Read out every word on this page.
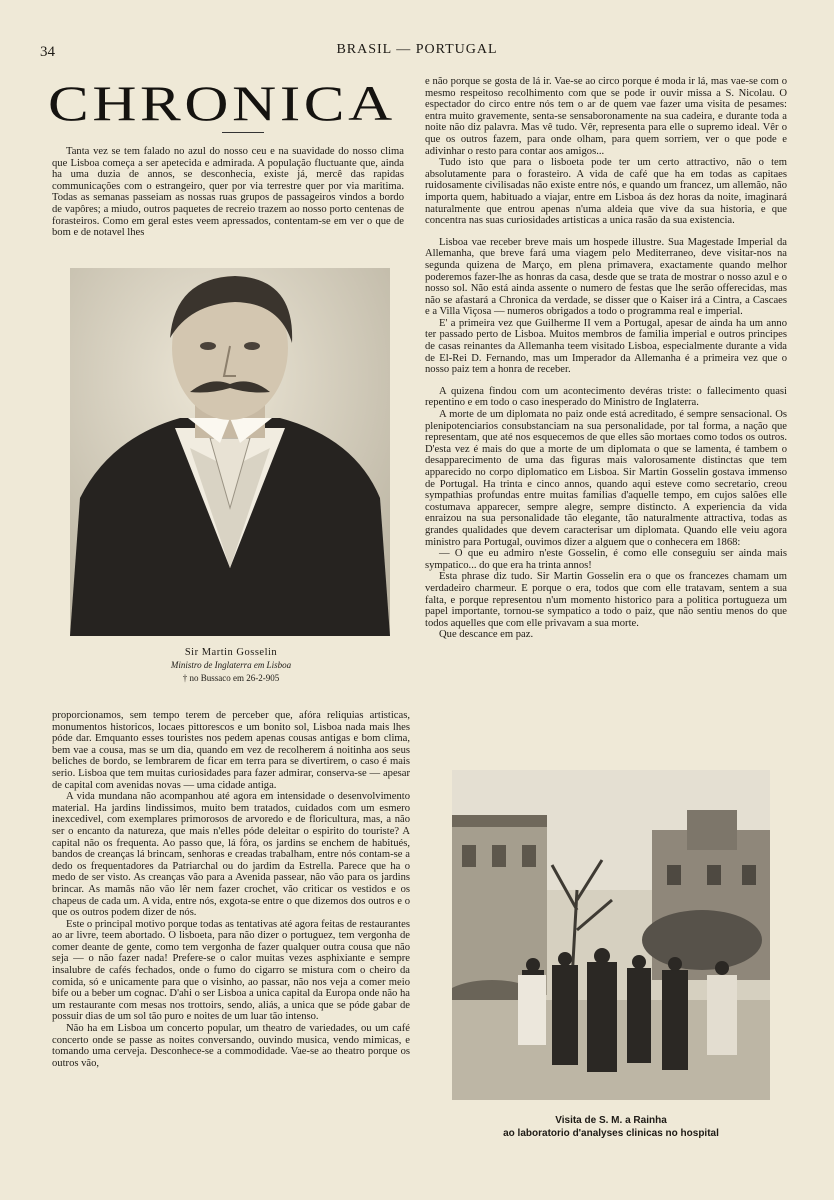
34	BRASIL — PORTUGAL
CHRONICA

Tanta vez se tem falado no azul do nosso ceu e na suavidade do nosso clima que Lisboa começa a ser apetecida e admirada. A população fluctuante que, ainda ha uma duzia de annos, se desconhecia, existe já, mercê das rapidas communicações com o estrangeiro, quer por via terrestre quer por via maritima. Todas as semanas passeiam as nossas ruas grupos de passageiros vindos a bordo de vapôres; a miudo, outros paquetes de recreio trazem ao nosso porto centenas de forasteiros. Como em geral estes veem apressados, contentam-se em ver o que de bom e de notavel lhes

Sir Martin Gosselin
Ministro de Inglaterra em Lisboa
† no Bussaco em 26-2-905

proporcionamos, sem tempo terem de perceber que, afóra reliquias artisticas, monumentos historicos, locaes pittorescos e um bonito sol, Lisboa nada mais lhes póde dar. Emquanto esses touristes nos pedem apenas cousas antigas e bom clima, bem vae a cousa, mas se um dia, quando em vez de recolherem á noitinha aos seus beliches de bordo, se lembrarem de ficar em terra para se divertirem, o caso é mais serio. Lisboa que tem muitas curiosidades para fazer admirar, conserva-se — apesar de capital com avenidas novas — uma cidade antiga.

A vida mundana não acompanhou até agora em intensidade o desenvolvimento material. Ha jardins lindissimos, muito bem tratados, cuidados com um esmero inexcedivel, com exemplares primorosos de arvoredo e de floricultura, mas, a não ser o encanto da natureza, que mais n'elles póde deleitar o espirito do touriste? A capital não os frequenta. Ao passo que, lá fóra, os jardins se enchem de habitués, bandos de creanças lá brincam, senhoras e creadas trabalham, entre nós contam-se a dedo os frequentadores da Patriarchal ou do jardim da Estrella. Parece que ha o medo de ser visto. As creanças vão para a Avenida passear, não vão para os jardins brincar. As mamãs não vão lêr nem fazer crochet, vão criticar os vestidos e os chapeus de cada um. A vida, entre nós, exgota-se entre o que dizemos dos outros e o que os outros podem dizer de nós.

Este o principal motivo porque todas as tentativas até agora feitas de restaurantes ao ar livre, teem abortado. O lisboeta, para não dizer o portuguez, tem vergonha de comer deante de gente, como tem vergonha de fazer qualquer outra cousa que não seja — o não fazer nada! Prefere-se o calor muitas vezes asphixiante e sempre insalubre de cafés fechados, onde o fumo do cigarro se mistura com o cheiro da comida, só e unicamente para que o visinho, ao passar, não nos veja a comer meio bife ou a beber um cognac. D'ahi o ser Lisboa a unica capital da Europa onde não ha um restaurante com mesas nos trottoirs, sendo, aliás, a unica que se póde gabar de possuir dias de um sol tão puro e noites de um luar tão intenso.

Não ha em Lisboa um concerto popular, um theatro de variedades, ou um café concerto onde se passe as noites conversando, ouvindo musica, vendo mimicas, e tomando uma cerveja. Desconhece-se a commodidade. Vae-se ao theatro porque os outros vão,

e não porque se gosta de lá ir. Vae-se ao circo porque é moda ir lá, mas vae-se com o mesmo respeitoso recolhimento com que se pode ir ouvir missa a S. Nicolau. O espectador do circo entre nós tem o ar de quem vae fazer uma visita de pesames: entra muito gravemente, senta-se sensaboronamente na sua cadeira, e durante toda a noite não diz palavra. Mas vê tudo. Vêr, representa para elle o supremo ideal. Vêr o que os outros fazem, para onde olham, para quem sorriem, ver o que pode e adivinhar o resto para contar aos amigos...

Tudo isto que para o lisboeta pode ter um certo attractivo, não o tem absolutamente para o forasteiro. A vida de café que ha em todas as capitaes ruidosamente civilisadas não existe entre nós, e quando um francez, um allemão, não importa quem, habituado a viajar, entre em Lisboa ás dez horas da noite, imaginará naturalmente que entrou apenas n'uma aldeia que vive da sua historia, e que concentra nas suas curiosidades artisticas a unica rasão da sua existencia.

Lisboa vae receber breve mais um hospede illustre. Sua Magestade Imperial da Allemanha, que breve fará uma viagem pelo Mediterraneo, deve visitar-nos na segunda quizena de Março, em plena primavera, exactamente quando melhor poderemos fazer-lhe as honras da casa, desde que se trata de mostrar o nosso azul e o nosso sol. Não está ainda assente o numero de festas que lhe serão offerecidas, mas não se afastará a Chronica da verdade, se disser que o Kaiser irá a Cintra, a Cascaes e a Villa Viçosa — numeros obrigados a todo o programma real e imperial.

E' a primeira vez que Guilherme II vem a Portugal, apesar de ainda ha um anno ter passado perto de Lisboa. Muitos membros de familia imperial e outros principes de casas reinantes da Allemanha teem visitado Lisboa, especialmente durante a vida de El-Rei D. Fernando, mas um Imperador da Allemanha é a primeira vez que o nosso paiz tem a honra de receber.

A quizena findou com um acontecimento devéras triste: o fallecimento quasi repentino e em todo o caso inesperado do Ministro de Inglaterra.

A morte de um diplomata no paiz onde está acreditado, é sempre sensacional. Os plenipotenciarios consubstanciam na sua personalidade, por tal forma, a nação que representam, que até nos esquecemos de que elles são mortaes como todos os outros. D'esta vez é mais do que a morte de um diplomata o que se lamenta, é tambem o desapparecimento de uma das figuras mais valorosamente distinctas que tem apparecido no corpo diplomatico em Lisboa. Sir Martin Gosselin gostava immenso de Portugal. Ha trinta e cinco annos, quando aqui esteve como secretario, creou sympathias profundas entre muitas familias d'aquelle tempo, em cujos salões elle costumava apparecer, sempre alegre, sempre distincto. A experiencia da vida enraizou na sua personalidade tão elegante, tão naturalmente attractiva, todas as grandes qualidades que devem caracterisar um diplomata. Quando elle veiu agora ministro para Portugal, ouvimos dizer a alguem que o conhecera em 1868:

— O que eu admiro n'este Gosselin, é como elle conseguiu ser ainda mais sympatico... do que era ha trinta annos!

Esta phrase diz tudo. Sir Martin Gosselin era o que os francezes chamam um verdadeiro charmeur. E porque o era, todos que com elle tratavam, sentem a sua falta, e porque representou n'um momento historico para a politica portugueza um papel importante, tornou-se sympatico a todo o paiz, que não sentiu menos do que todos aquelles que com elle privavam a sua morte.

Que descance em paz.

Visita de S. M. a Rainha
ao laboratorio d'analyses clinicas no hospital
